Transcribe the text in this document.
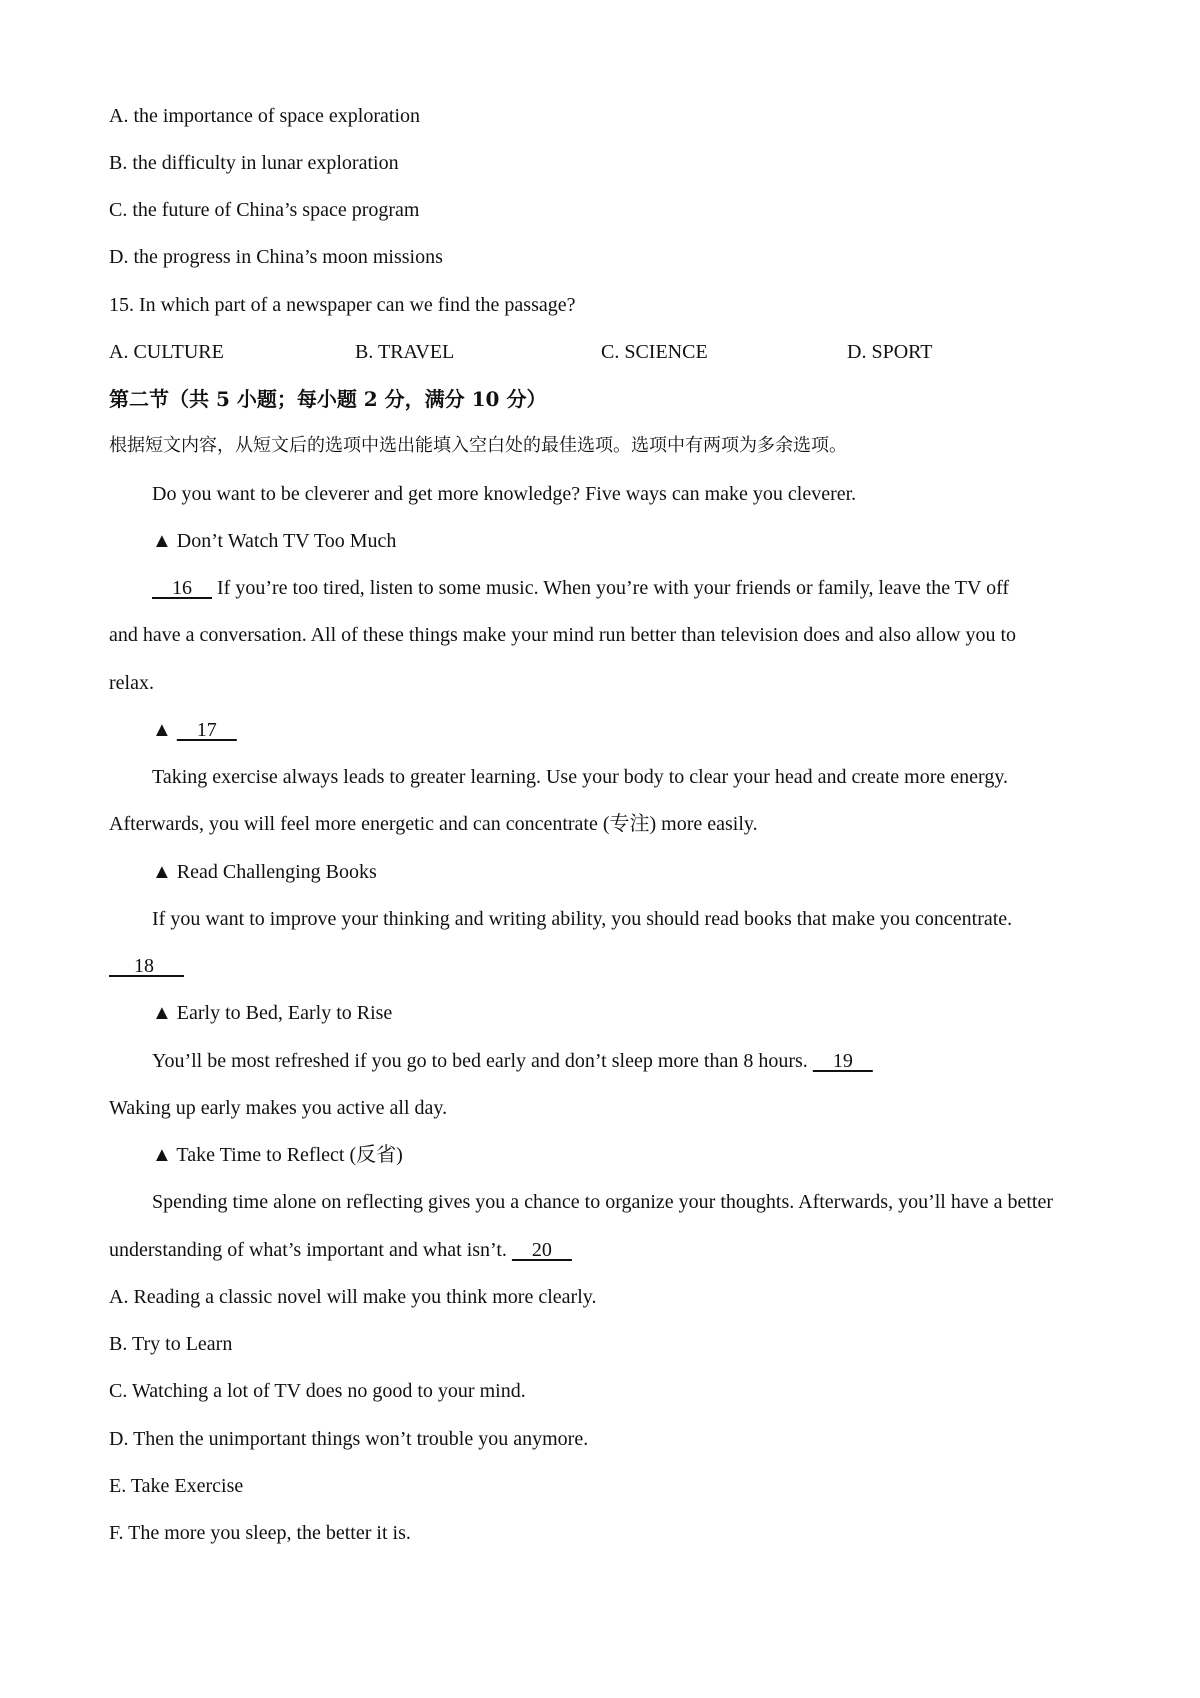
A. the importance of space exploration
B. the difficulty in lunar exploration
C. the future of China’s space program
D. the progress in China’s moon missions
15. In which part of a newspaper can we find the passage?
A. CULTURE	B. TRAVEL	C. SCIENCE	D. SPORT
第二节（共 5 小题；每小题 2 分，满分 10 分）
根据短文内容，从短文后的选项中选出能填入空白处的最佳选项。选项中有两项为多余选项。
Do you want to be cleverer and get more knowledge? Five ways can make you cleverer.
▲ Don’t Watch TV Too Much
16     If you’re too tired, listen to some music. When you’re with your friends or family, leave the TV off
and have a conversation. All of these things make your mind run better than television does and also allow you to
relax.
▲     17
Taking exercise always leads to greater learning. Use your body to clear your head and create more energy.
Afterwards, you will feel more energetic and can concentrate (专注) more easily.
▲ Read Challenging Books
If you want to improve your thinking and writing ability, you should read books that make you concentrate.
18
▲ Early to Bed, Early to Rise
You’ll be most refreshed if you go to bed early and don’t sleep more than 8 hours.     19
Waking up early makes you active all day.
▲ Take Time to Reflect (反省)
Spending time alone on reflecting gives you a chance to organize your thoughts. Afterwards, you’ll have a better
understanding of what’s important and what isn’t.     20
A. Reading a classic novel will make you think more clearly.
B. Try to Learn
C. Watching a lot of TV does no good to your mind.
D. Then the unimportant things won’t trouble you anymore.
E. Take Exercise
F. The more you sleep, the better it is.
